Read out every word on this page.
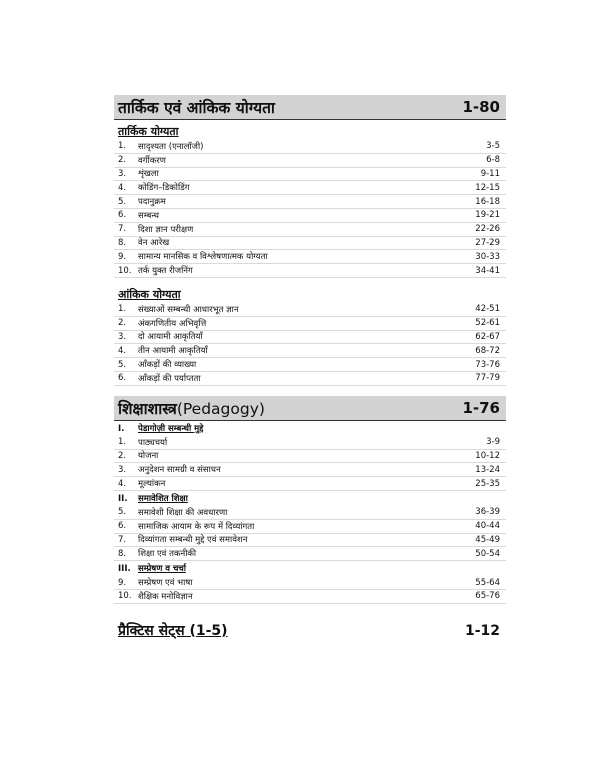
तार्किक एवं आंकिक योग्यता	1-80
तार्किक योग्यता
1.	सादृश्यता (एनालॉजी)	3-5
2.	वर्गीकरण	6-8
3.	शृंखला	9-11
4.	कोडिंग–डिकोडिंग	12-15
5.	पदानुक्रम	16-18
6.	सम्बन्ध	19-21
7.	दिशा ज्ञान परीक्षण	22-26
8.	वेन आरेख	27-29
9.	सामान्य मानसिक व विश्लेषणात्मक योग्यता	30-33
10. तर्क युक्त रीजनिंग	34-41
आंकिक योग्यता
1.	संख्याओं सम्बन्धी आधारभूत ज्ञान	42-51
2.	अंकगणितीय अभिवृत्ति	52-61
3.	दो आयामी आकृतियाँ	62-67
4.	तीन आयामी आकृतियाँ	68-72
5.	आँकड़ों की व्याख्या	73-76
6.	आँकड़ों की पर्याप्तता	77-79
शिक्षाशास्त्र(Pedagogy)	1-76
I. पेडागोज़ी सम्बन्धी मुद्दे
1.	पाठ्यचर्या	3-9
2.	योजना	10-12
3.	अनुदेशन सामग्री व संसाधन	13-24
4.	मूल्यांकन	25-35
II. समावेशित शिक्षा
5.	समावेशी शिक्षा की अवधारणा	36-39
6.	सामाजिक आयाम के रूप में दिव्यांगता	40-44
7.	दिव्यांगता सम्बन्धी मुद्दे एवं समावेशन	45-49
8.	शिक्षा एवं तकनीकी	50-54
III. सम्प्रेषण व चर्चा
9.	सम्प्रेषण एवं भाषा	55-64
10. शैक्षिक मनोविज्ञान	65-76
प्रैक्टिस सेट्स (1-5)	1-12
